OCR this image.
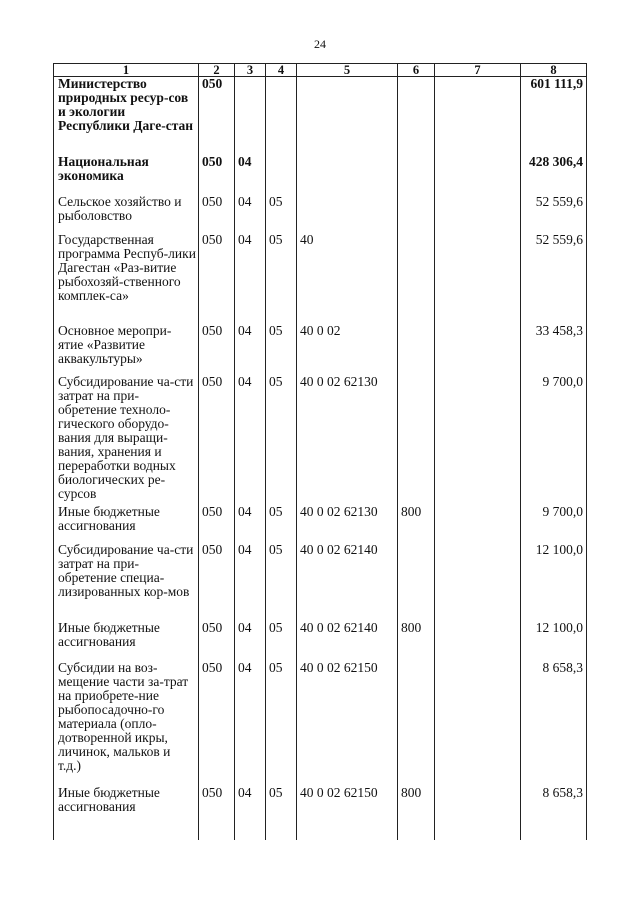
24
1	2	3	4	5	6	7	8
Министерство природных ресур-сов и экологии Республики Даге-стан	050						601 111,9
Национальная экономика	050	04					428 306,4
Сельское хозяйство и рыболовство	050	04	05				52 559,6
Государственная программа Респуб-лики Дагестан «Раз-витие рыбохозяй-ственного комплек-са»	050	04	05	40			52 559,6
Основное меропри-ятие «Развитие аквакультуры»	050	04	05	40 0 02			33 458,3
Субсидирование ча-сти затрат на при-обретение техноло-гического оборудо-вания для выращи-вания, хранения и переработки водных биологических ре-сурсов	050	04	05	40 0 02 62130			9 700,0
Иные бюджетные ассигнования	050	04	05	40 0 02 62130	800		9 700,0
Субсидирование ча-сти затрат на при-обретение специа-лизированных кор-мов	050	04	05	40 0 02 62140			12 100,0
Иные бюджетные ассигнования	050	04	05	40 0 02 62140	800		12 100,0
Субсидии на воз-мещение части за-трат на приобрете-ние рыбопосадочно-го материала (опло-дотворенной икры, личинок, мальков и т.д.)	050	04	05	40 0 02 62150			8 658,3
Иные бюджетные ассигнования	050	04	05	40 0 02 62150	800		8 658,3
